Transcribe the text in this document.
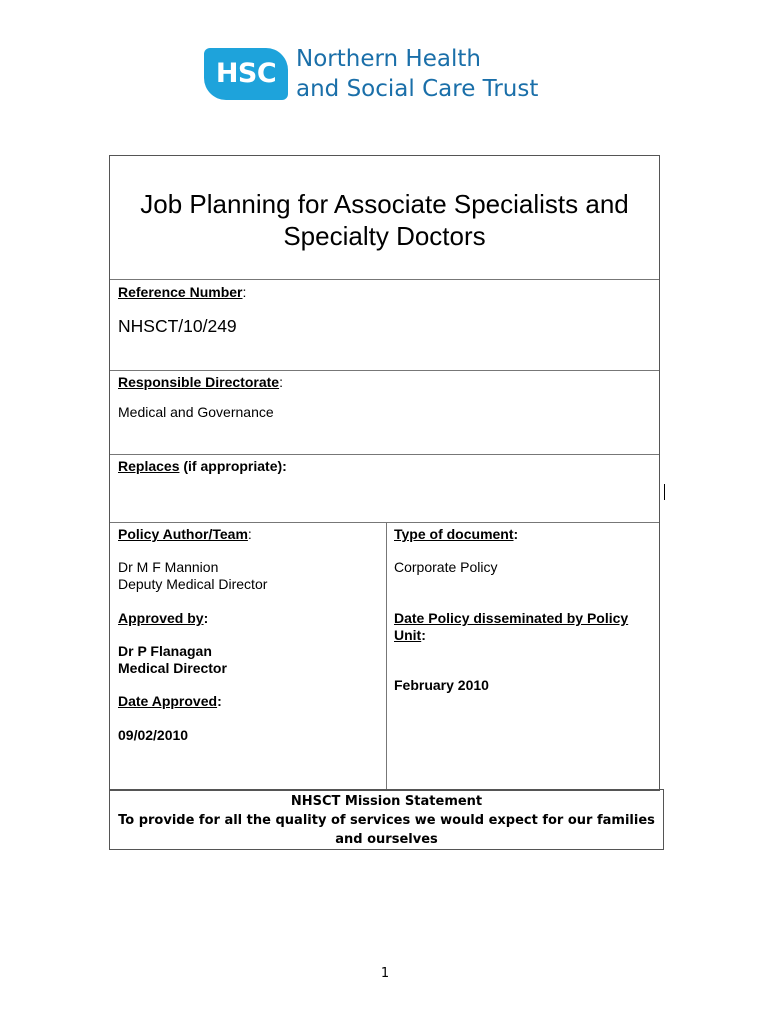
HSC Northern Health
and Social Care Trust
Job Planning for Associate Specialists and
Specialty Doctors
Reference Number:
NHSCT/10/249
Responsible Directorate:
Medical and Governance
Replaces (if appropriate):
Policy Author/Team:
Dr M F Mannion
Deputy Medical Director
Approved by:
Dr P Flanagan
Medical Director
Date Approved:
09/02/2010
Type of document:
Corporate Policy
Date Policy disseminated by Policy
Unit:
February 2010
NHSCT Mission Statement
To provide for all the quality of services we would expect for our families
and ourselves
1
